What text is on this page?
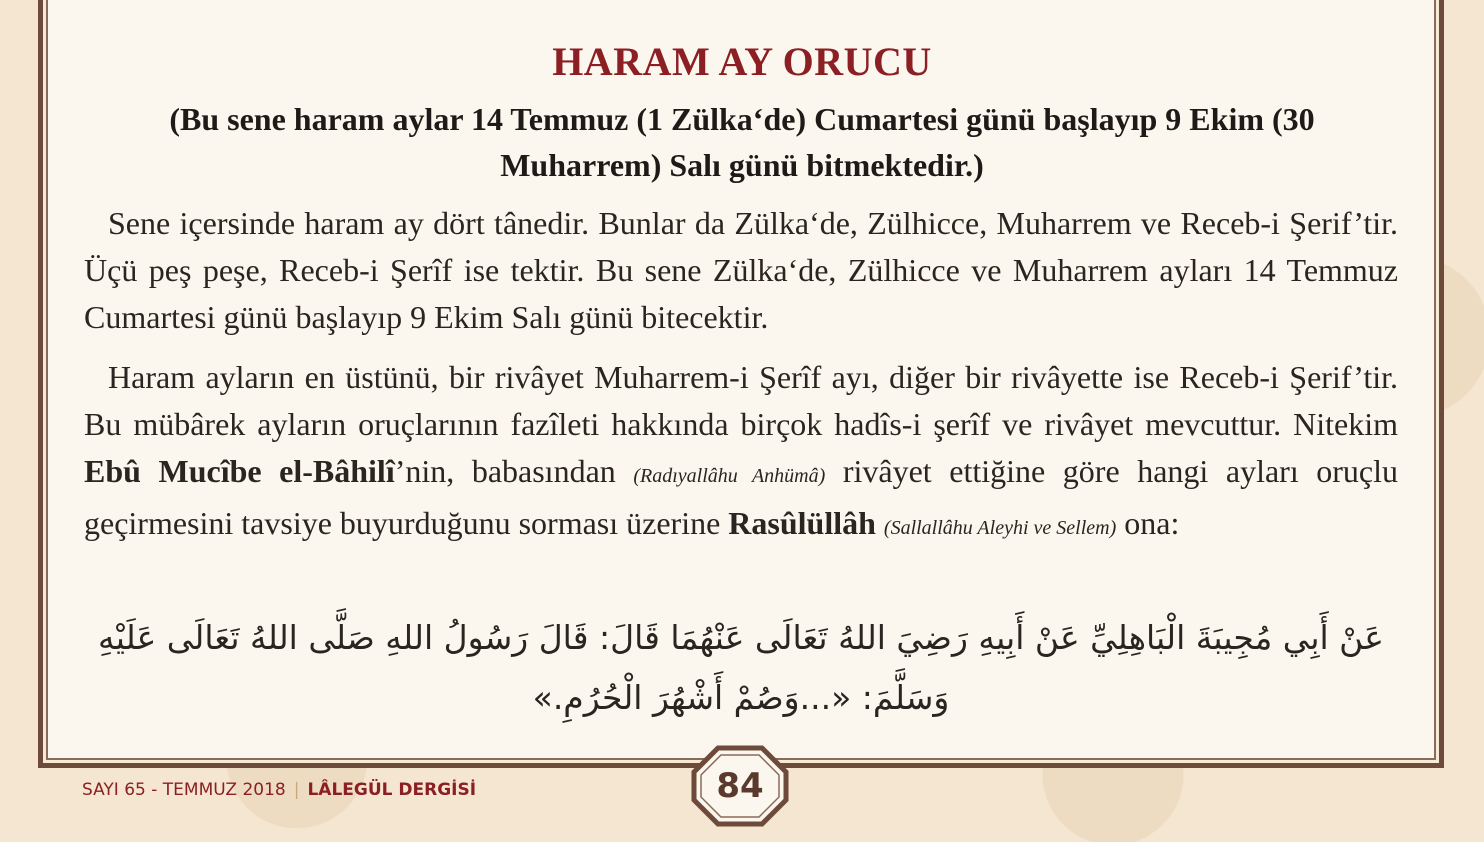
HARAM AY ORUCU
(Bu sene haram aylar 14 Temmuz (1 Zülka‘de) Cumartesi günü başlayıp 9 Ekim (30 Muharrem) Salı günü bitmektedir.)
Sene içersinde haram ay dört tânedir. Bunlar da Zülka‘de, Zülhicce, Muharrem ve Receb-i Şerif’tir. Üçü peş peşe, Receb-i Şerîf ise tektir. Bu sene Zülka‘de, Zülhicce ve Muharrem ayları 14 Temmuz Cumartesi günü başlayıp 9 Ekim Salı günü bitecektir.
Haram ayların en üstünü, bir rivâyet Muharrem-i Şerîf ayı, diğer bir rivâyette ise Receb-i Şerif’tir. Bu mübârek ayların oruçlarının fazîleti hakkında birçok hadîs-i şerîf ve rivâyet mevcuttur. Nitekim Ebû Mucîbe el-Bâhilî’nin, babasından (Radıyallâhu Anhümâ) rivâyet ettiğine göre hangi ayları oruçlu geçirmesini tavsiye buyurduğunu sorması üzerine Rasûlüllâh (Sallallâhu Aleyhi ve Sellem) ona:
عَنْ أَبِي مُجِيبَةَ الْبَاهِلِيِّ عَنْ أَبِيهِ رَضِيَ اللهُ تَعَالَى عَنْهُمَا قَالَ: قَالَ رَسُولُ اللهِ صَلَّى اللهُ تَعَالَى عَلَيْهِ وَسَلَّمَ: «...وَصُمْ أَشْهُرَ الْحُرُمِ.»
SAYI 65 - TEMMUZ 2018 | LÂLEGÜL DERGİSİ	84
